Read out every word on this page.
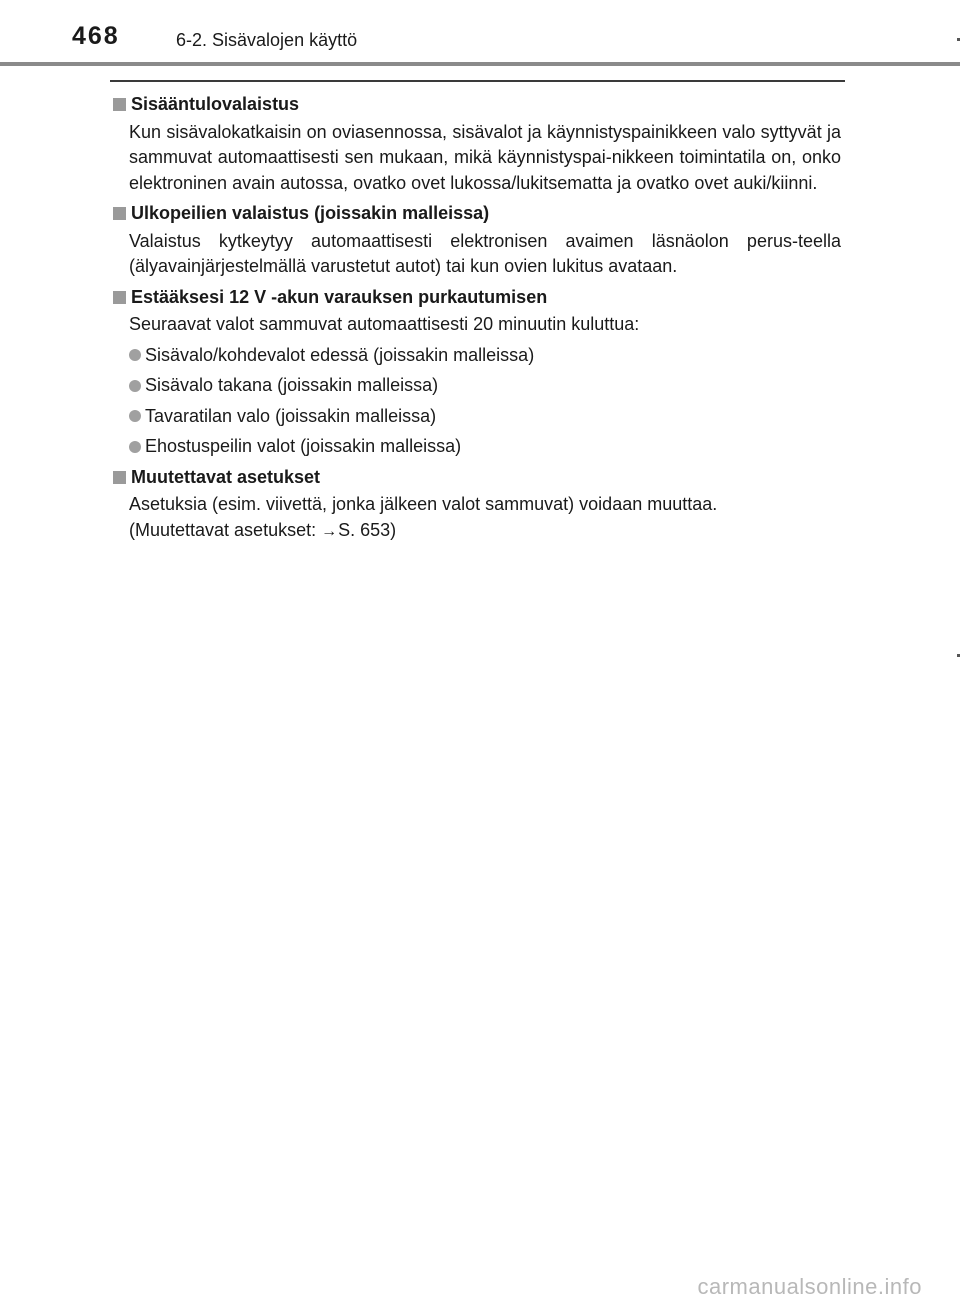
468	6-2. Sisävalojen käyttö
Sisääntulovalaistus
Kun sisävalokatkaisin on oviasennossa, sisävalot ja käynnistyspainikkeen valo syttyvät ja sammuvat automaattisesti sen mukaan, mikä käynnistyspai-nikkeen toimintatila on, onko elektroninen avain autossa, ovatko ovet lukossa/lukitsematta ja ovatko ovet auki/kiinni.
Ulkopeilien valaistus (joissakin malleissa)
Valaistus kytkeytyy automaattisesti elektronisen avaimen läsnäolon perus-teella (älyavainjärjestelmällä varustetut autot) tai kun ovien lukitus avataan.
Estääksesi 12 V -akun varauksen purkautumisen
Seuraavat valot sammuvat automaattisesti 20 minuutin kuluttua:
Sisävalo/kohdevalot edessä (joissakin malleissa)
Sisävalo takana (joissakin malleissa)
Tavaratilan valo (joissakin malleissa)
Ehostuspeilin valot (joissakin malleissa)
Muutettavat asetukset
Asetuksia (esim. viivettä, jonka jälkeen valot sammuvat) voidaan muuttaa.
(Muutettavat asetukset: →S. 653)
carmanualsonline.info
